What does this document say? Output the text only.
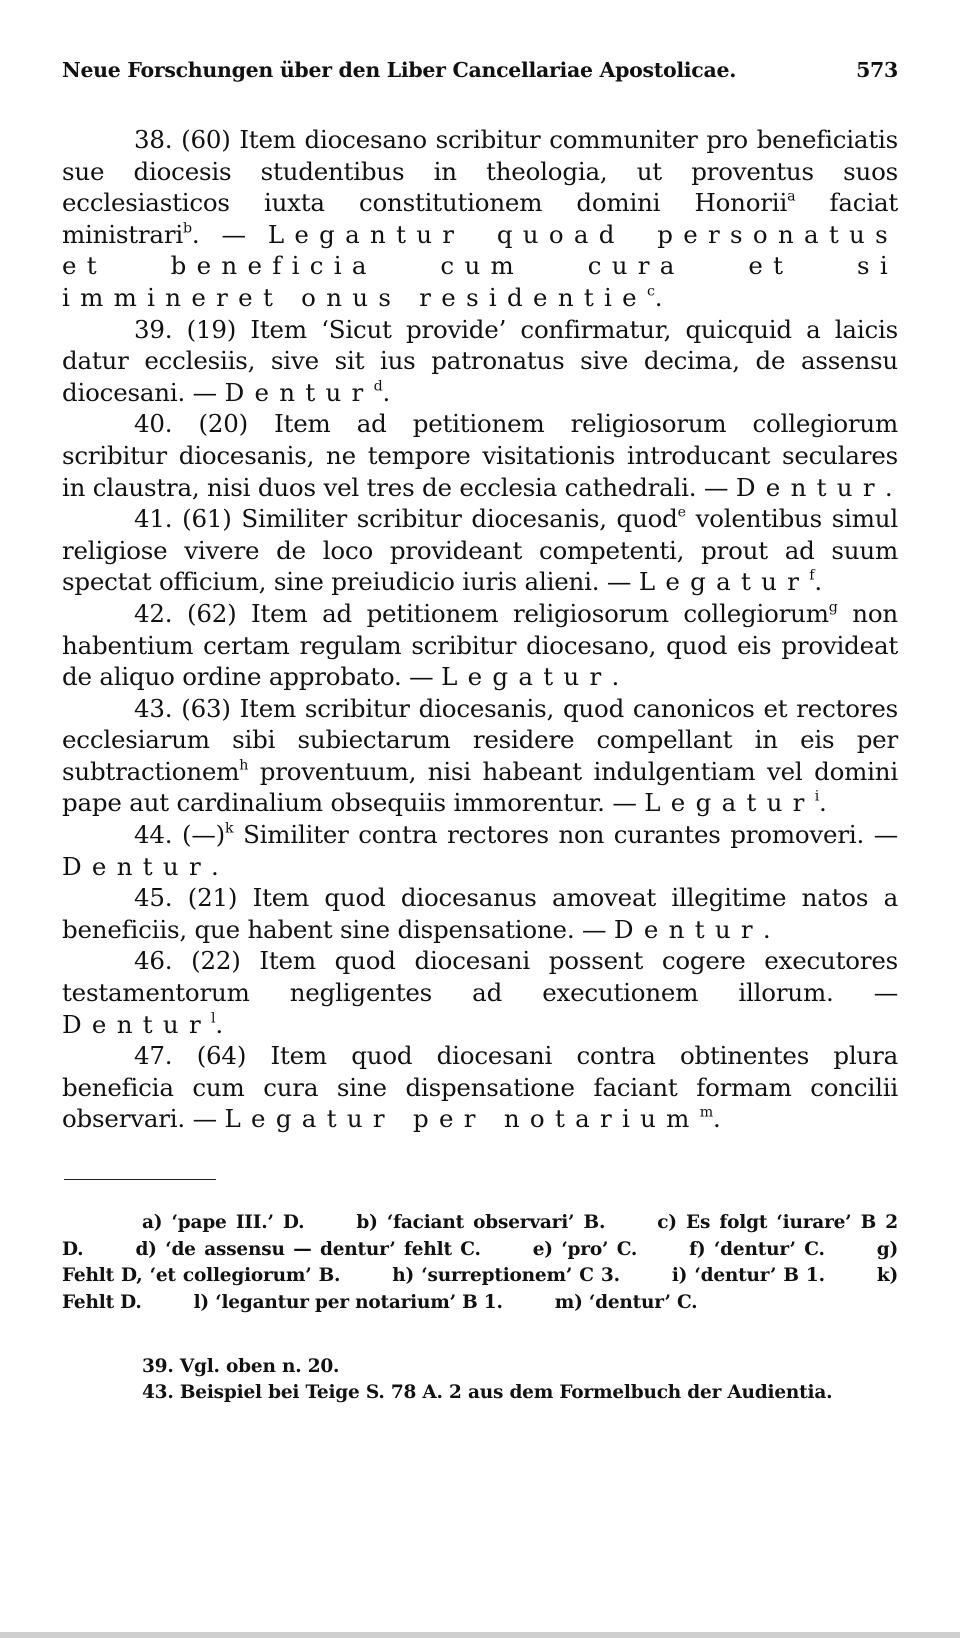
Neue Forschungen über den Liber Cancellariae Apostolicae.	573

38. (60) Item diocesano scribitur communiter pro beneficiatis sue diocesis studentibus in theologia, ut proventus suos ecclesiasticos iuxta constitutionem domini Honorii$^a$ faciat ministrari$^b$. — Legantur quoad personatus et beneficia cum cura et si immineret onus residentie$^c$.

39. (19) Item ‘Sicut provide’ confirmatur, quicquid a laicis datur ecclesiis, sive sit ius patronatus sive decima, de assensu diocesani. — Dentur$^d$.

40. (20) Item ad petitionem religiosorum collegiorum scribitur diocesanis, ne tempore visitationis introducant seculares in claustra, nisi duos vel tres de ecclesia cathedrali. — Dentur.

41. (61) Similiter scribitur diocesanis, quod$^e$ volentibus simul religiose vivere de loco provideant competenti, prout ad suum spectat officium, sine preiudicio iuris alieni. — Legatur$^f$.

42. (62) Item ad petitionem religiosorum collegiorum$^g$ non habentium certam regulam scribitur diocesano, quod eis provideat de aliquo ordine approbato. — Legatur.

43. (63) Item scribitur diocesanis, quod canonicos et rectores ecclesiarum sibi subiectarum residere compellant in eis per subtractionem$^h$ proventuum, nisi habeant indulgentiam vel domini pape aut cardinalium obsequiis immorentur. — Legatur$^i$.

44. (—)$^k$ Similiter contra rectores non curantes promoveri. — Dentur.

45. (21) Item quod diocesanus amoveat illegitime natos a beneficiis, que habent sine dispensatione. — Dentur.

46. (22) Item quod diocesani possent cogere executores testamentorum negligentes ad executionem illorum. — Dentur$^l$.

47. (64) Item quod diocesani contra obtinentes plura beneficia cum cura sine dispensatione faciant formam concilii observari. — Legatur per notarium$^m$.

a) ‘pape III.’ D.	b) ‘faciant observari’ B.	c) Es folgt ‘iurare’ B 2 D.	d) ‘de assensu — dentur’ fehlt C.	e) ‘pro’ C.	f) ‘dentur’ C.	g) Fehlt D, ‘et collegiorum’ B.	h) ‘surreptionem’ C 3.	i) ‘dentur’ B 1.	k) Fehlt D.	l) ‘legantur per notarium’ B 1.	m) ‘dentur’ C.

39. Vgl. oben n. 20.

43. Beispiel bei Teige S. 78 A. 2 aus dem Formelbuch der Audientia.
